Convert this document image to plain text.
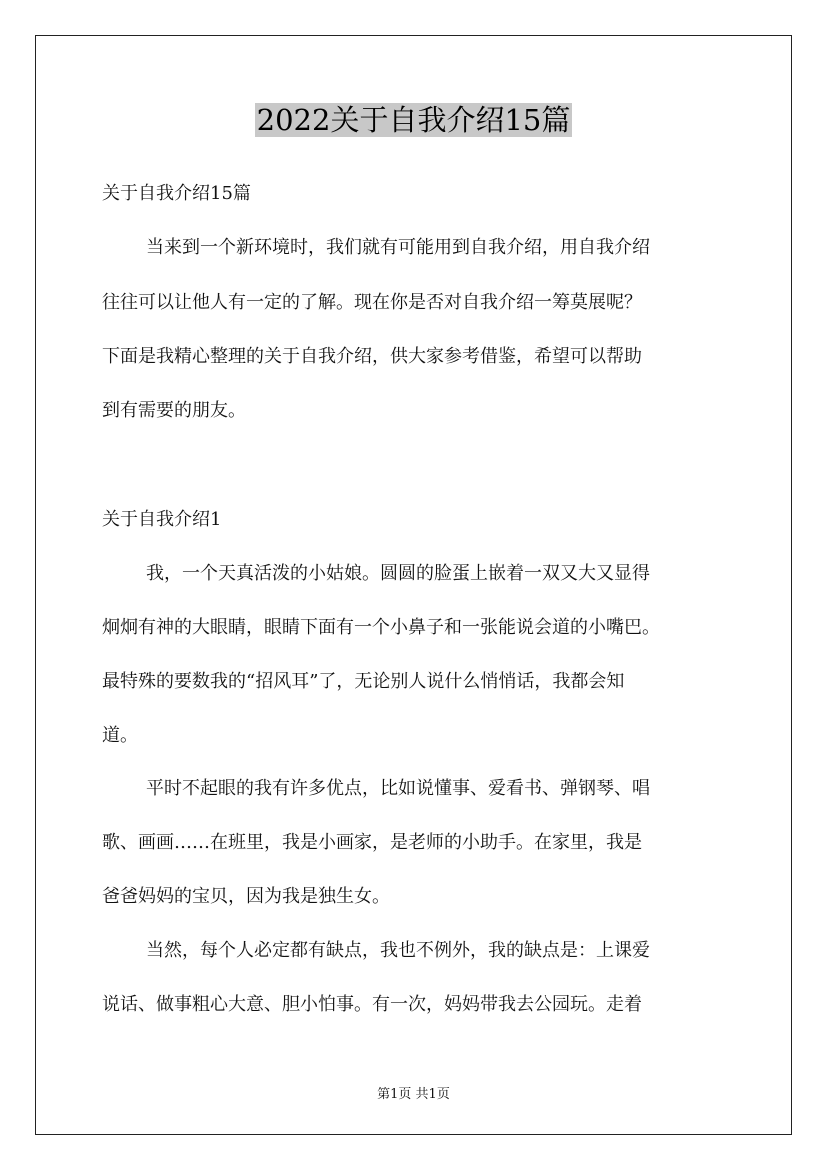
2022关于自我介绍15篇
关于自我介绍15篇
当来到一个新环境时，我们就有可能用到自我介绍，用自我介绍
往往可以让他人有一定的了解。现在你是否对自我介绍一筹莫展呢？
下面是我精心整理的关于自我介绍，供大家参考借鉴，希望可以帮助
到有需要的朋友。
关于自我介绍1
我，一个天真活泼的小姑娘。圆圆的脸蛋上嵌着一双又大又显得
炯炯有神的大眼睛，眼睛下面有一个小鼻子和一张能说会道的小嘴巴。
最特殊的要数我的“招风耳”了，无论别人说什么悄悄话，我都会知
道。
平时不起眼的我有许多优点，比如说懂事、爱看书、弹钢琴、唱
歌、画画……在班里，我是小画家，是老师的小助手。在家里，我是
爸爸妈妈的宝贝，因为我是独生女。
当然，每个人必定都有缺点，我也不例外，我的缺点是：上课爱
说话、做事粗心大意、胆小怕事。有一次，妈妈带我去公园玩。走着
第1页 共1页
